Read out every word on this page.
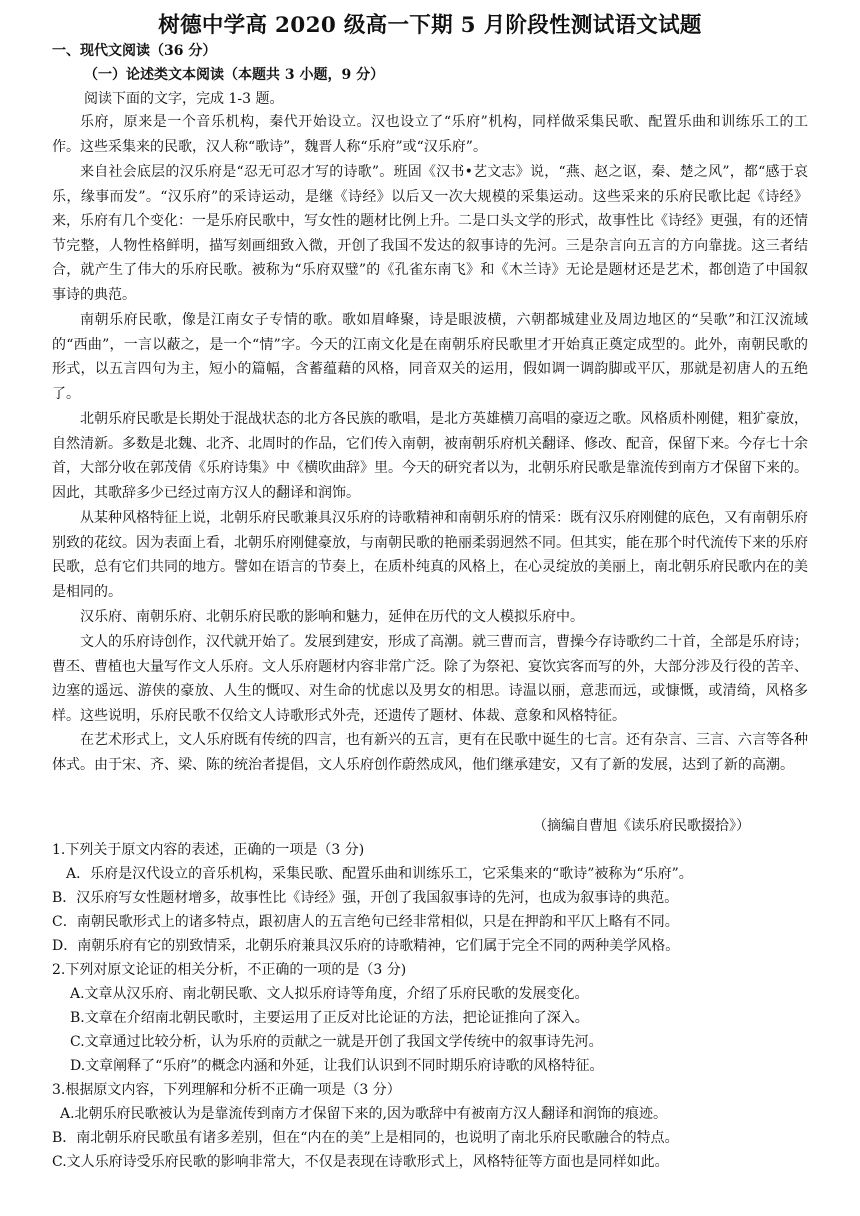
树德中学高 2020 级高一下期 5 月阶段性测试语文试题

一、现代文阅读（36 分）

（一）论述类文本阅读（本题共 3 小题，9 分）

阅读下面的文字，完成 1-3 题。

乐府，原来是一个音乐机构，秦代开始设立。汉也设立了“乐府”机构，同样做采集民歌、配置乐曲和训练乐工的工作。这些采集来的民歌，汉人称“歌诗”，魏晋人称“乐府”或“汉乐府”。

来自社会底层的汉乐府是“忍无可忍才写的诗歌”。班固《汉书•艺文志》说，“燕、赵之讴，秦、楚之风”，都“感于哀乐，缘事而发”。“汉乐府”的采诗运动，是继《诗经》以后又一次大规模的采集运动。这些采来的乐府民歌比起《诗经》来，乐府有几个变化：一是乐府民歌中，写女性的题材比例上升。二是口头文学的形式，故事性比《诗经》更强，有的还情节完整，人物性格鲜明，描写刻画细致入微，开创了我国不发达的叙事诗的先河。三是杂言向五言的方向靠拢。这三者结合，就产生了伟大的乐府民歌。被称为“乐府双璧”的《孔雀东南飞》和《木兰诗》无论是题材还是艺术，都创造了中国叙事诗的典范。

南朝乐府民歌，像是江南女子专情的歌。歌如眉峰聚，诗是眼波横，六朝都城建业及周边地区的“吴歌”和江汉流域的“西曲”，一言以蔽之，是一个“情”字。今天的江南文化是在南朝乐府民歌里才开始真正奠定成型的。此外，南朝民歌的形式，以五言四句为主，短小的篇幅，含蓄蕴藉的风格，同音双关的运用，假如调一调韵脚或平仄，那就是初唐人的五绝了。

北朝乐府民歌是长期处于混战状态的北方各民族的歌唱，是北方英雄横刀高唱的豪迈之歌。风格质朴刚健，粗犷豪放，自然清新。多数是北魏、北齐、北周时的作品，它们传入南朝，被南朝乐府机关翻译、修改、配音，保留下来。今存七十余首，大部分收在郭茂倩《乐府诗集》中《横吹曲辞》里。今天的研究者以为，北朝乐府民歌是靠流传到南方才保留下来的。因此，其歌辞多少已经过南方汉人的翻译和润饰。

从某种风格特征上说，北朝乐府民歌兼具汉乐府的诗歌精神和南朝乐府的情采：既有汉乐府刚健的底色，又有南朝乐府别致的花纹。因为表面上看，北朝乐府刚健豪放，与南朝民歌的艳丽柔弱迥然不同。但其实，能在那个时代流传下来的乐府民歌，总有它们共同的地方。譬如在语言的节奏上，在质朴纯真的风格上，在心灵绽放的美丽上，南北朝乐府民歌内在的美是相同的。

汉乐府、南朝乐府、北朝乐府民歌的影响和魅力，延伸在历代的文人模拟乐府中。

文人的乐府诗创作，汉代就开始了。发展到建安，形成了高潮。就三曹而言，曹操今存诗歌约二十首，全部是乐府诗；曹丕、曹植也大量写作文人乐府。文人乐府题材内容非常广泛。除了为祭祀、宴饮宾客而写的外，大部分涉及行役的苦辛、边塞的遥远、游侠的豪放、人生的慨叹、对生命的忧虑以及男女的相思。诗温以丽，意悲而远，或慷慨，或清绮，风格多样。这些说明，乐府民歌不仅给文人诗歌形式外壳，还遗传了题材、体裁、意象和风格特征。

在艺术形式上，文人乐府既有传统的四言，也有新兴的五言，更有在民歌中诞生的七言。还有杂言、三言、六言等各种体式。由于宋、齐、梁、陈的统治者提倡，文人乐府创作蔚然成风，他们继承建安，又有了新的发展，达到了新的高潮。

（摘编自曹旭《读乐府民歌掇拾》）

1.下列关于原文内容的表述，正确的一项是（3 分)
A．乐府是汉代设立的音乐机构，采集民歌、配置乐曲和训练乐工，它采集来的“歌诗”被称为“乐府”。
B．汉乐府写女性题材增多，故事性比《诗经》强，开创了我国叙事诗的先河，也成为叙事诗的典范。
C．南朝民歌形式上的诸多特点，跟初唐人的五言绝句已经非常相似，只是在押韵和平仄上略有不同。
D．南朝乐府有它的别致情采，北朝乐府兼具汉乐府的诗歌精神，它们属于完全不同的两种美学风格。
2.下列对原文论证的相关分析，不正确的一项的是（3 分)
A.文章从汉乐府、南北朝民歌、文人拟乐府诗等角度，介绍了乐府民歌的发展变化。
B.文章在介绍南北朝民歌时，主要运用了正反对比论证的方法，把论证推向了深入。
C.文章通过比较分析，认为乐府的贡献之一就是开创了我国文学传统中的叙事诗先河。
D.文章阐释了“乐府”的概念内涵和外延，让我们认识到不同时期乐府诗歌的风格特征。
3.根据原文内容，下列理解和分析不正确一项是（3 分）
A.北朝乐府民歌被认为是靠流传到南方才保留下来的,因为歌辞中有被南方汉人翻译和润饰的痕迹。
B．南北朝乐府民歌虽有诸多差别，但在“内在的美”上是相同的，也说明了南北乐府民歌融合的特点。
C.文人乐府诗受乐府民歌的影响非常大，不仅是表现在诗歌形式上，风格特征等方面也是同样如此。
